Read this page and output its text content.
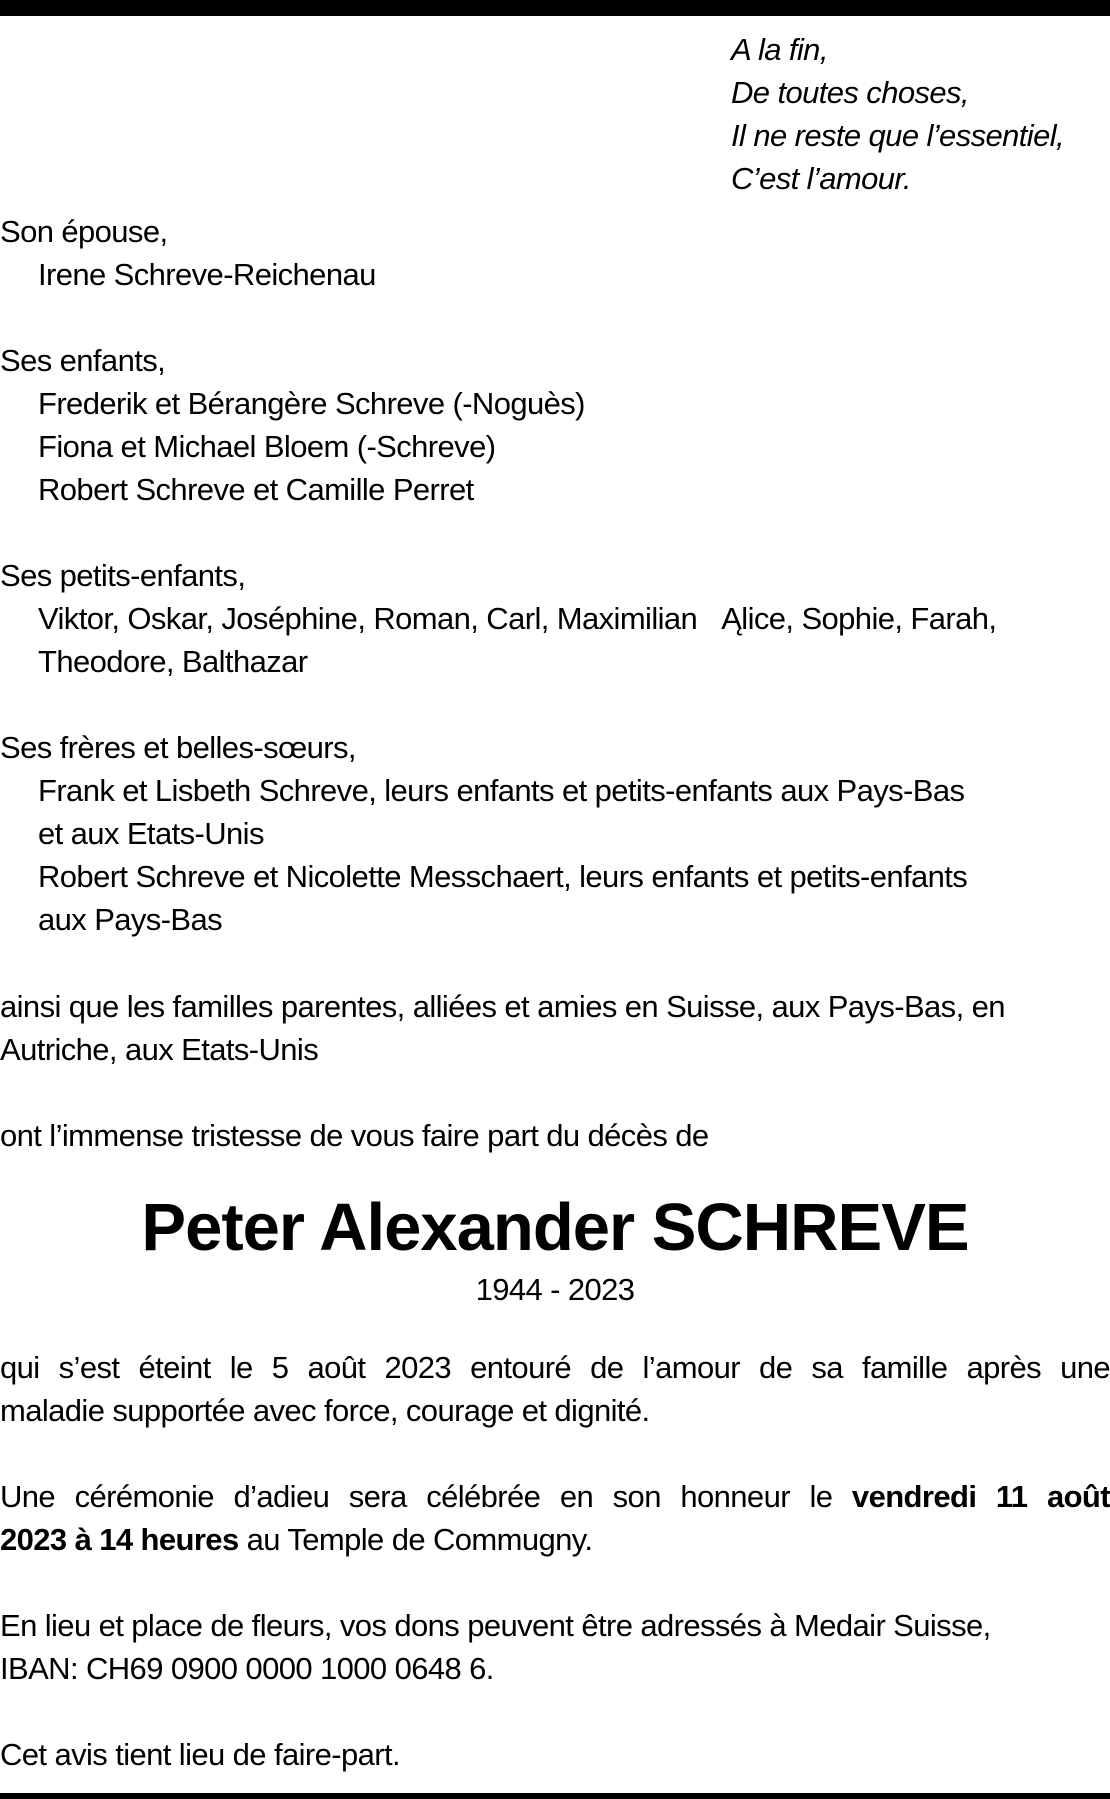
A la fin,
De toutes choses,
Il ne reste que l’essentiel,
C’est l’amour.
Son épouse,
Irene Schreve-Reichenau
Ses enfants,
Frederik et Bérangère Schreve (-Noguès)
Fiona et Michael Bloem (-Schreve)
Robert Schreve et Camille Perret
Ses petits-enfants,
Viktor, Oskar, Joséphine, Roman, Carl, Maximilian   Ąlice, Sophie, Farah,
Theodore, Balthazar
Ses frères et belles-sœurs,
Frank et Lisbeth Schreve, leurs enfants et petits-enfants aux Pays-Bas
et aux Etats-Unis
Robert Schreve et Nicolette Messchaert, leurs enfants et petits-enfants
aux Pays-Bas
ainsi que les familles parentes, alliées et amies en Suisse, aux Pays-Bas, en
Autriche, aux Etats-Unis
ont l’immense tristesse de vous faire part du décès de
Peter Alexander SCHREVE
1944 - 2023
qui s’est éteint le 5 août 2023 entouré de l’amour de sa famille après une
maladie supportée avec force, courage et dignité.
Une cérémonie d’adieu sera célébrée en son honneur le vendredi 11 août
2023 à 14 heures au Temple de Commugny.
En lieu et place de fleurs, vos dons peuvent être adressés à Medair Suisse,
IBAN: CH69 0900 0000 1000 0648 6.
Cet avis tient lieu de faire-part.
